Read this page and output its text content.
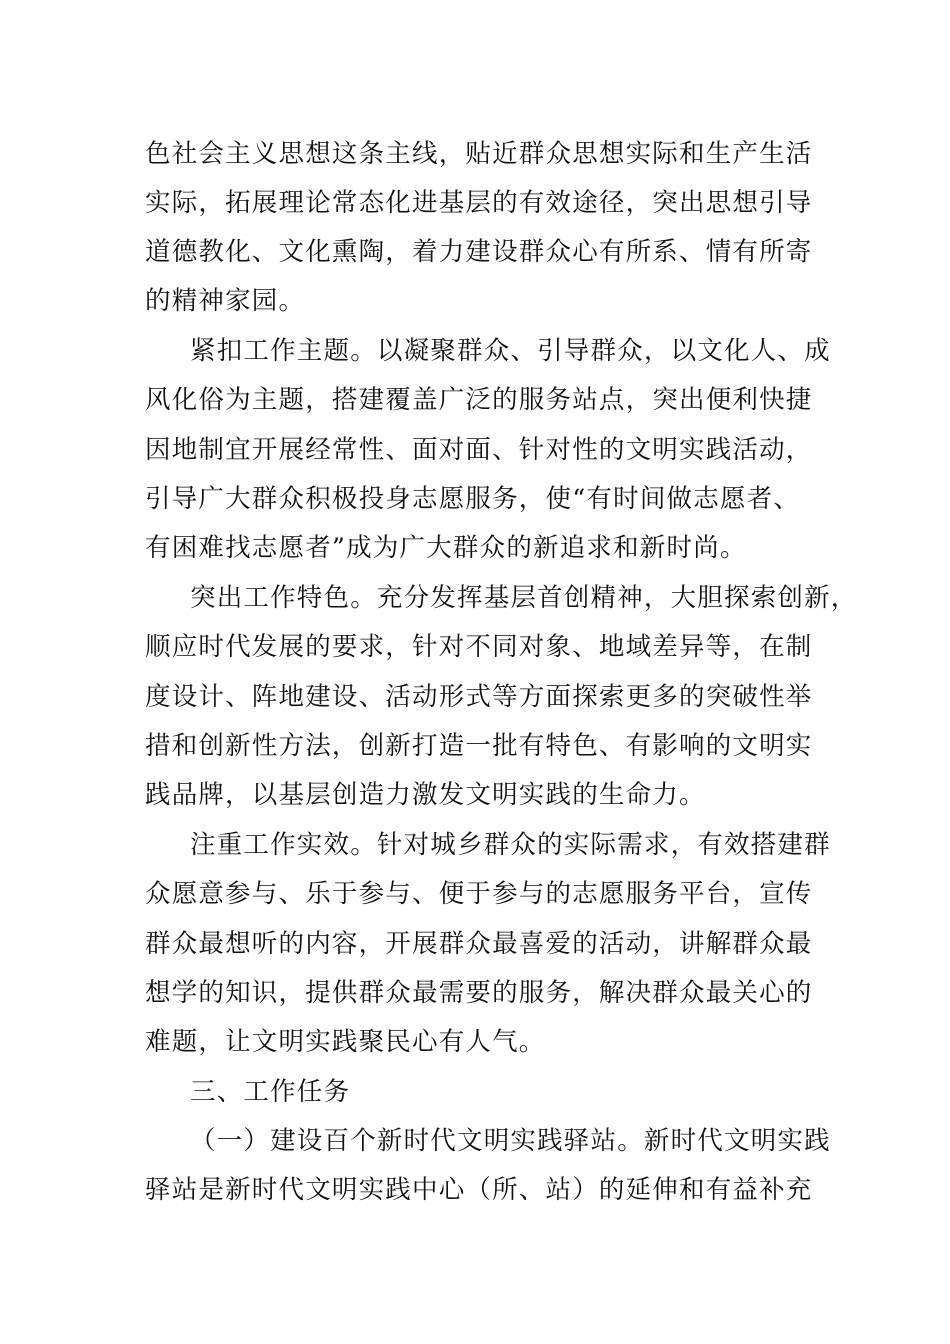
色社会主义思想这条主线，贴近群众思想实际和生产生活
实际，拓展理论常态化进基层的有效途径，突出思想引导
道德教化、文化熏陶，着力建设群众心有所系、情有所寄
的精神家园。
紧扣工作主题。以凝聚群众、引导群众，以文化人、成
风化俗为主题，搭建覆盖广泛的服务站点，突出便利快捷
因地制宜开展经常性、面对面、针对性的文明实践活动，
引导广大群众积极投身志愿服务，使“有时间做志愿者、
有困难找志愿者”成为广大群众的新追求和新时尚。
突出工作特色。充分发挥基层首创精神，大胆探索创新，
顺应时代发展的要求，针对不同对象、地域差异等，在制
度设计、阵地建设、活动形式等方面探索更多的突破性举
措和创新性方法，创新打造一批有特色、有影响的文明实
践品牌，以基层创造力激发文明实践的生命力。
注重工作实效。针对城乡群众的实际需求，有效搭建群
众愿意参与、乐于参与、便于参与的志愿服务平台，宣传
群众最想听的内容，开展群众最喜爱的活动，讲解群众最
想学的知识，提供群众最需要的服务，解决群众最关心的
难题，让文明实践聚民心有人气。
三、工作任务
（一）建设百个新时代文明实践驿站。新时代文明实践
驿站是新时代文明实践中心（所、站）的延伸和有益补充
